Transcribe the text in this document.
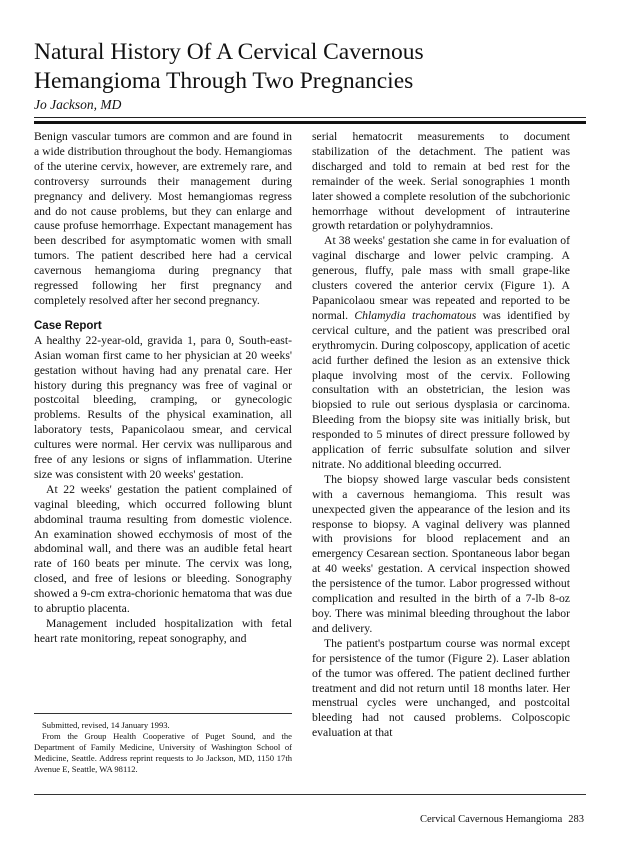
Natural History Of A Cervical Cavernous
Hemangioma Through Two Pregnancies
Jo Jackson, MD

Benign vascular tumors are common and are found in a wide distribution throughout the body. Hemangiomas of the uterine cervix, however, are extremely rare, and controversy surrounds their management during pregnancy and delivery. Most hemangiomas regress and do not cause problems, but they can enlarge and cause profuse hemorrhage. Expectant management has been described for asymptomatic women with small tumors. The patient described here had a cervical cavernous hemangioma during pregnancy that regressed following her first pregnancy and completely resolved after her second pregnancy.

Case Report

A healthy 22-year-old, gravida 1, para 0, South-east-Asian woman first came to her physician at 20 weeks' gestation without having had any prenatal care. Her history during this pregnancy was free of vaginal or postcoital bleeding, cramping, or gynecologic problems. Results of the physical examination, all laboratory tests, Papanicolaou smear, and cervical cultures were normal. Her cervix was nulliparous and free of any lesions or signs of inflammation. Uterine size was consistent with 20 weeks' gestation.

At 22 weeks' gestation the patient complained of vaginal bleeding, which occurred following blunt abdominal trauma resulting from domestic violence. An examination showed ecchymosis of most of the abdominal wall, and there was an audible fetal heart rate of 160 beats per minute. The cervix was long, closed, and free of lesions or bleeding. Sonography showed a 9-cm extra-chorionic hematoma that was due to abruptio placenta.

Management included hospitalization with fetal heart rate monitoring, repeat sonography, and

Submitted, revised, 14 January 1993.

From the Group Health Cooperative of Puget Sound, and the Department of Family Medicine, University of Washington School of Medicine, Seattle. Address reprint requests to Jo Jackson, MD, 1150 17th Avenue E, Seattle, WA 98112.

serial hematocrit measurements to document stabilization of the detachment. The patient was discharged and told to remain at bed rest for the remainder of the week. Serial sonographies 1 month later showed a complete resolution of the subchorionic hemorrhage without development of intrauterine growth retardation or polyhydramnios.

At 38 weeks' gestation she came in for evaluation of vaginal discharge and lower pelvic cramping. A generous, fluffy, pale mass with small grape-like clusters covered the anterior cervix (Figure 1). A Papanicolaou smear was repeated and reported to be normal. Chlamydia trachomatous was identified by cervical culture, and the patient was prescribed oral erythromycin. During colposcopy, application of acetic acid further defined the lesion as an extensive thick plaque involving most of the cervix. Following consultation with an obstetrician, the lesion was biopsied to rule out serious dysplasia or carcinoma. Bleeding from the biopsy site was initially brisk, but responded to 5 minutes of direct pressure followed by application of ferric subsulfate solution and silver nitrate. No additional bleeding occurred.

The biopsy showed large vascular beds consistent with a cavernous hemangioma. This result was unexpected given the appearance of the lesion and its response to biopsy. A vaginal delivery was planned with provisions for blood replacement and an emergency Cesarean section. Spontaneous labor began at 40 weeks' gestation. A cervical inspection showed the persistence of the tumor. Labor progressed without complication and resulted in the birth of a 7-lb 8-oz boy. There was minimal bleeding throughout the labor and delivery.

The patient's postpartum course was normal except for persistence of the tumor (Figure 2). Laser ablation of the tumor was offered. The patient declined further treatment and did not return until 18 months later. Her menstrual cycles were unchanged, and postcoital bleeding had not caused problems. Colposcopic evaluation at that

Cervical Cavernous Hemangioma 283
